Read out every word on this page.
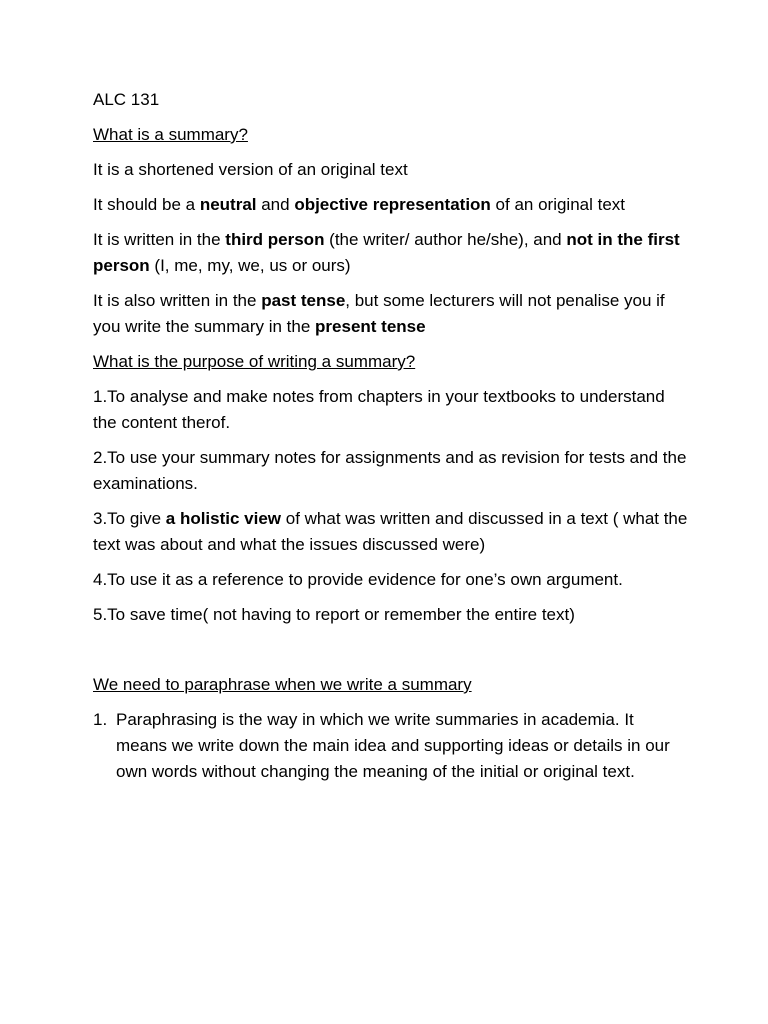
ALC 131

What is a summary?

It is a shortened version of an original text

It should be a neutral and objective representation of an original text

It is written in the third person (the writer/ author he/she), and not in the first person (I, me, my, we, us or ours)

It is also written in the past tense, but some lecturers will not penalise you if you write the summary in the present tense

What is the purpose of writing a summary?

1.To analyse and make notes from chapters in your textbooks to understand the content therof.

2.To use your summary notes for assignments and as revision for tests and the examinations.

3.To give a holistic view of what was written and discussed in a text ( what the text was about and what the issues discussed were)

4.To use it as a reference to provide evidence for one’s own argument.

5.To save time( not having to report or remember the entire text)

We need to paraphrase when we write a summary

1. Paraphrasing is the way in which we write summaries in academia. It means we write down the main idea and supporting ideas or details in our own words without changing the meaning of the initial or original text.
